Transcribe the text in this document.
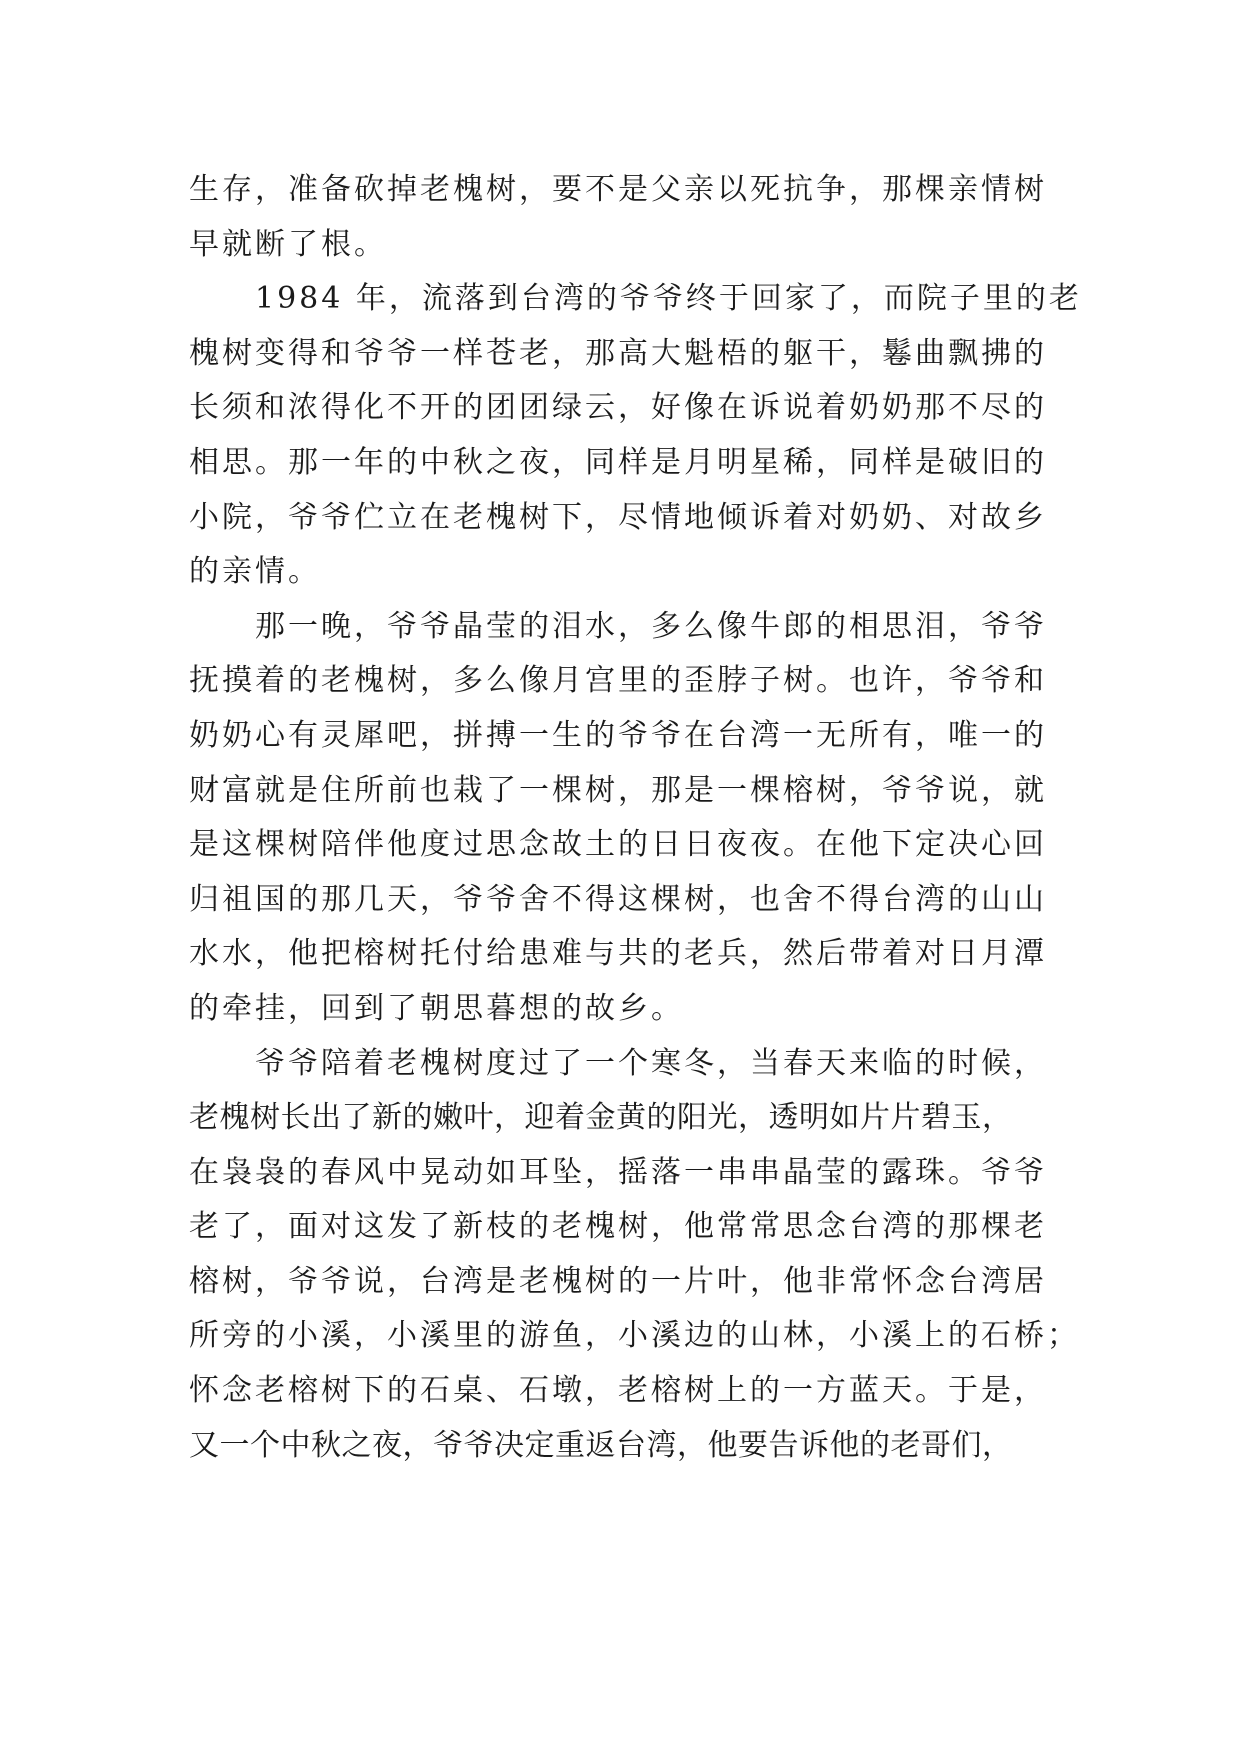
生存，准备砍掉老槐树，要不是父亲以死抗争，那棵亲情树
早就断了根。
　　1984 年，流落到台湾的爷爷终于回家了，而院子里的老
槐树变得和爷爷一样苍老，那高大魁梧的躯干，鬈曲飘拂的
长须和浓得化不开的团团绿云，好像在诉说着奶奶那不尽的
相思。那一年的中秋之夜，同样是月明星稀，同样是破旧的
小院，爷爷伫立在老槐树下，尽情地倾诉着对奶奶、对故乡
的亲情。
　　那一晚，爷爷晶莹的泪水，多么像牛郎的相思泪，爷爷
抚摸着的老槐树，多么像月宫里的歪脖子树。也许，爷爷和
奶奶心有灵犀吧，拼搏一生的爷爷在台湾一无所有，唯一的
财富就是住所前也栽了一棵树，那是一棵榕树，爷爷说，就
是这棵树陪伴他度过思念故土的日日夜夜。在他下定决心回
归祖国的那几天，爷爷舍不得这棵树，也舍不得台湾的山山
水水，他把榕树托付给患难与共的老兵，然后带着对日月潭
的牵挂，回到了朝思暮想的故乡。
　　爷爷陪着老槐树度过了一个寒冬，当春天来临的时候，
老槐树长出了新的嫩叶，迎着金黄的阳光，透明如片片碧玉，
在袅袅的春风中晃动如耳坠，摇落一串串晶莹的露珠。爷爷
老了，面对这发了新枝的老槐树，他常常思念台湾的那棵老
榕树，爷爷说，台湾是老槐树的一片叶，他非常怀念台湾居
所旁的小溪，小溪里的游鱼，小溪边的山林，小溪上的石桥；
怀念老榕树下的石桌、石墩，老榕树上的一方蓝天。于是，
又一个中秋之夜，爷爷决定重返台湾，他要告诉他的老哥们，
